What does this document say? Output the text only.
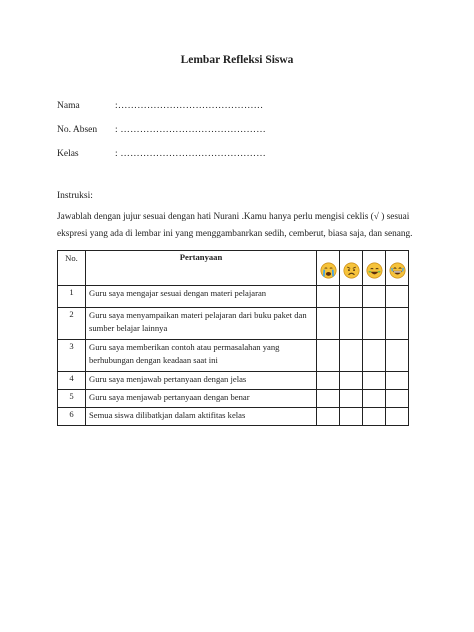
Lembar Refleksi Siswa
Nama	:………………………………………
No. Absen : ………………………………………
Kelas	: ………………………………………
Instruksi:
Jawablah dengan jujur sesuai dengan hati Nurani .Kamu hanya perlu mengisi ceklis (√ ) sesuai ekspresi yang ada di lembar ini yang menggambanrkan sedih, cemberut, biasa saja, dan senang.
No.	Pertanyaan	

1	Guru saya mengajar sesuai dengan materi pelajaran				
2	Guru saya menyampaikan materi pelajaran dari buku paket dan sumber belajar lainnya				
3	Guru saya memberikan contoh atau permasalahan yang berhubungan dengan keadaan saat ini				
4	Guru saya menjawab pertanyaan dengan jelas				
5	Guru saya menjawab pertanyaan dengan benar				
6	Semua siswa dilibatkjan dalam aktifitas kelas				
